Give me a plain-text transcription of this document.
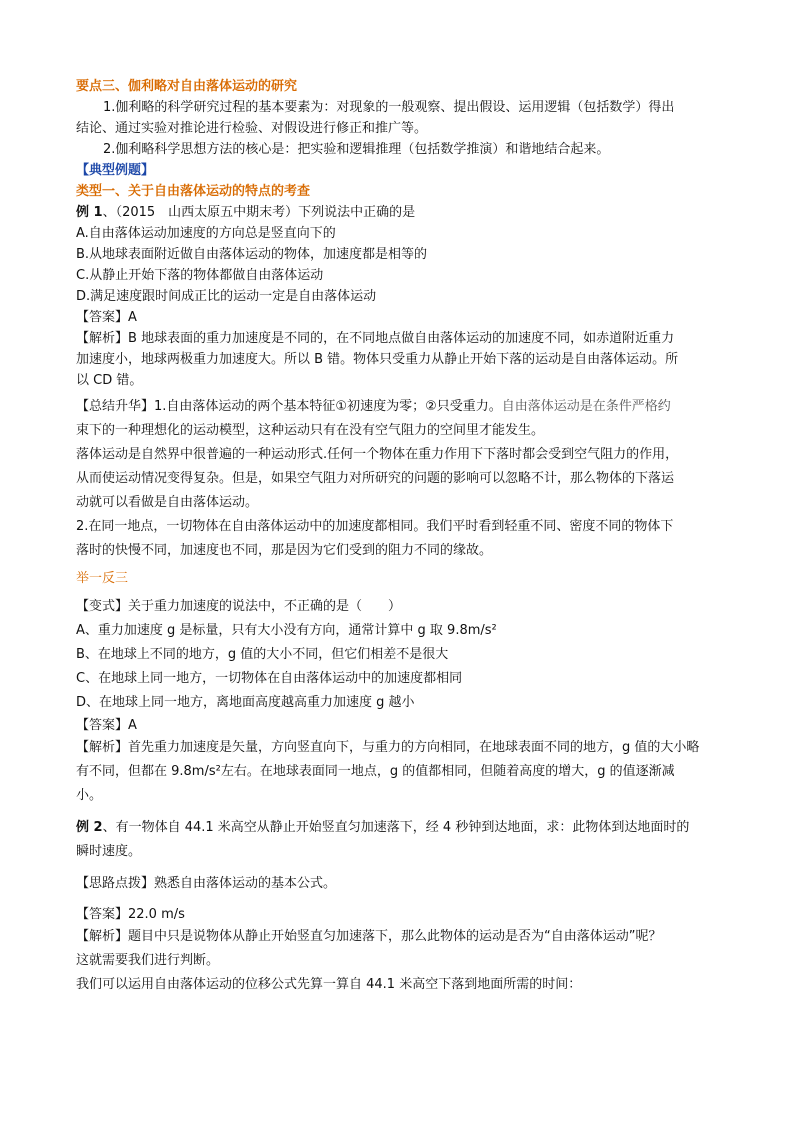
要点三、伽利略对自由落体运动的研究

1.伽利略的科学研究过程的基本要素为：对现象的一般观察、提出假设、运用逻辑（包括数学）得出

结论、通过实验对推论进行检验、对假设进行修正和推广等。

2.伽利略科学思想方法的核心是：把实验和逻辑推理（包括数学推演）和谐地结合起来。

【典型例题】

类型一、关于自由落体运动的特点的考查

例 1、（2015　山西太原五中期末考）下列说法中正确的是

A.自由落体运动加速度的方向总是竖直向下的

B.从地球表面附近做自由落体运动的物体，加速度都是相等的

C.从静止开始下落的物体都做自由落体运动

D.满足速度跟时间成正比的运动一定是自由落体运动

【答案】A

【解析】B 地球表面的重力加速度是不同的，在不同地点做自由落体运动的加速度不同，如赤道附近重力

加速度小，地球两极重力加速度大。所以 B 错。物体只受重力从静止开始下落的运动是自由落体运动。所

以 CD 错。

【总结升华】1.自由落体运动的两个基本特征①初速度为零；②只受重力。自由落体运动是在条件严格约

束下的一种理想化的运动模型，这种运动只有在没有空气阻力的空间里才能发生。

落体运动是自然界中很普遍的一种运动形式.任何一个物体在重力作用下下落时都会受到空气阻力的作用，

从而使运动情况变得复杂。但是，如果空气阻力对所研究的问题的影响可以忽略不计，那么物体的下落运

动就可以看做是自由落体运动。

2.在同一地点，一切物体在自由落体运动中的加速度都相同。我们平时看到轻重不同、密度不同的物体下

落时的快慢不同，加速度也不同，那是因为它们受到的阻力不同的缘故。

举一反三

【变式】关于重力加速度的说法中，不正确的是（　　）

A、重力加速度 g 是标量，只有大小没有方向，通常计算中 g 取 9.8m/s²

B、在地球上不同的地方，g 值的大小不同，但它们相差不是很大

C、在地球上同一地方，一切物体在自由落体运动中的加速度都相同

D、在地球上同一地方，离地面高度越高重力加速度 g 越小

【答案】A

【解析】首先重力加速度是矢量，方向竖直向下，与重力的方向相同，在地球表面不同的地方，g 值的大小略

有不同，但都在 9.8m/s²左右。在地球表面同一地点，g 的值都相同，但随着高度的增大，g 的值逐渐减

小。

例 2、有一物体自 44.1 米高空从静止开始竖直匀加速落下，经 4 秒钟到达地面，求：此物体到达地面时的

瞬时速度。

【思路点拨】熟悉自由落体运动的基本公式。

【答案】22.0 m/s

【解析】题目中只是说物体从静止开始竖直匀加速落下，那么此物体的运动是否为“自由落体运动”呢？

这就需要我们进行判断。

我们可以运用自由落体运动的位移公式先算一算自 44.1 米高空下落到地面所需的时间：
